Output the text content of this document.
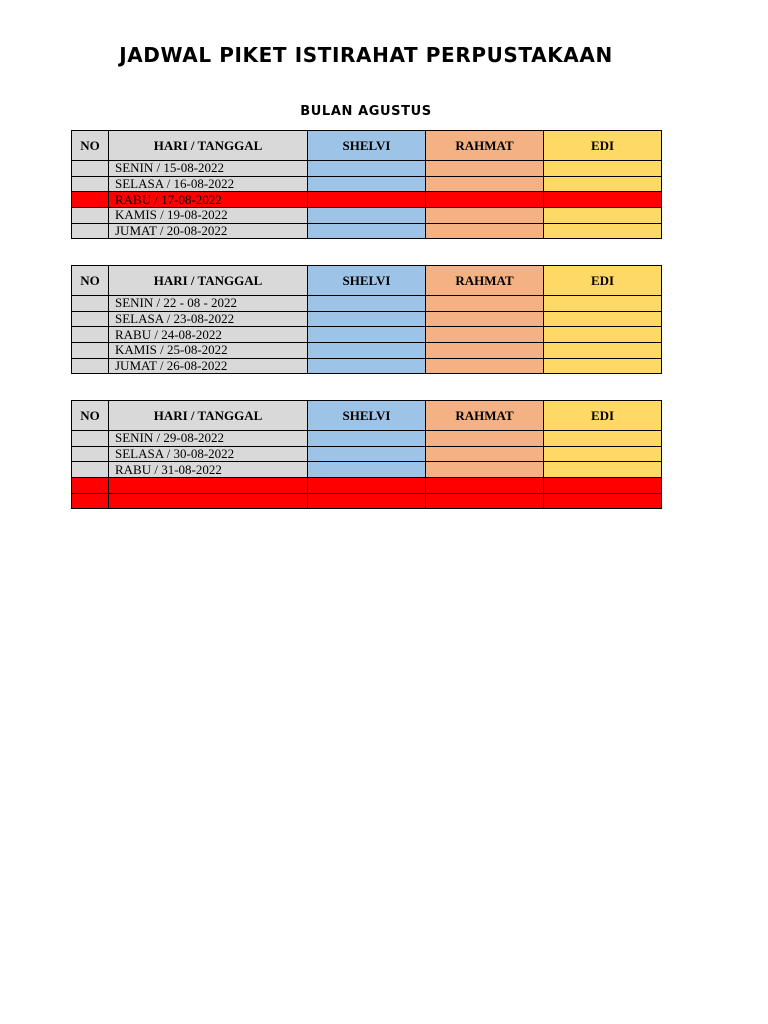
JADWAL PIKET ISTIRAHAT PERPUSTAKAAN
BULAN AGUSTUS
NO	HARI / TANGGAL	SHELVI	RAHMAT	EDI
	SENIN / 15-08-2022			
	SELASA / 16-08-2022			
	RABU / 17-08-2022			
	KAMIS / 19-08-2022			
	JUMAT / 20-08-2022			
NO	HARI / TANGGAL	SHELVI	RAHMAT	EDI
	SENIN / 22 - 08 - 2022			
	SELASA / 23-08-2022			
	RABU / 24-08-2022			
	KAMIS / 25-08-2022			
	JUMAT / 26-08-2022			
NO	HARI / TANGGAL	SHELVI	RAHMAT	EDI
	SENIN / 29-08-2022			
	SELASA / 30-08-2022			
	RABU / 31-08-2022			
